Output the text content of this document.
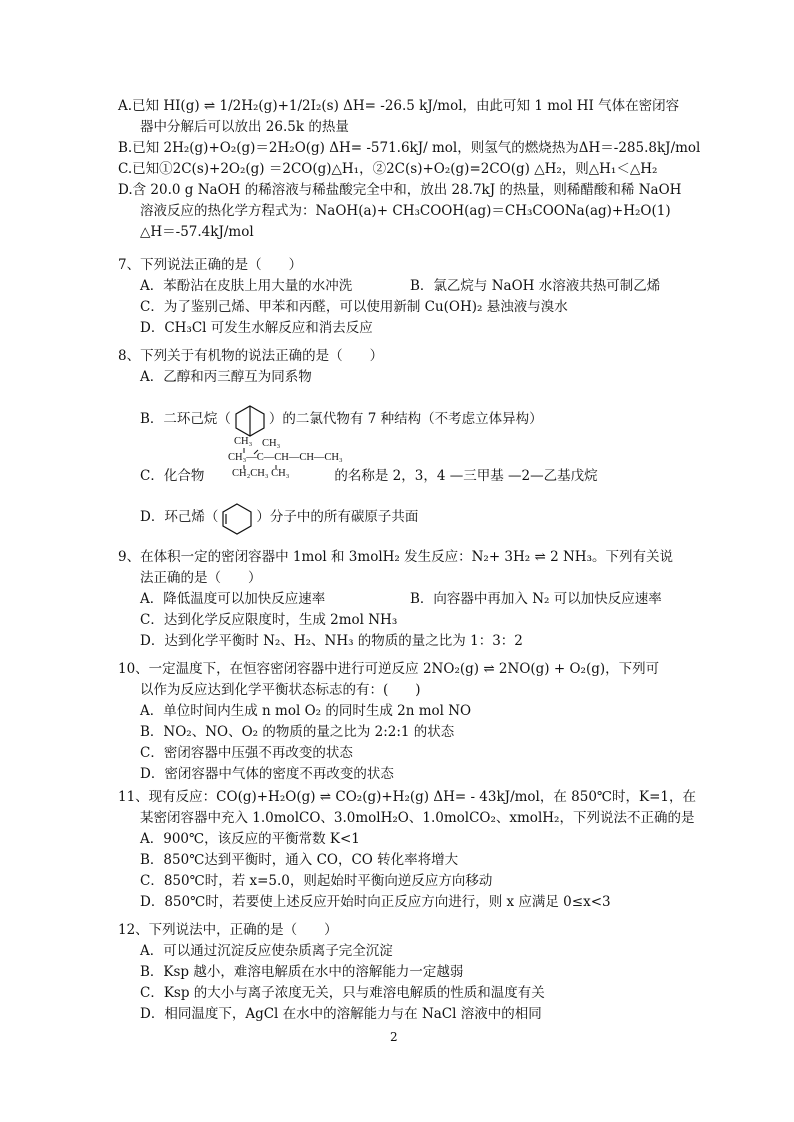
A.已知 HI(g) ⇌ 1/2H₂(g)+1/2I₂(s) ΔH= -26.5 kJ/mol，由此可知 1 mol HI 气体在密闭容
器中分解后可以放出 26.5k 的热量
B.已知 2H₂(g)+O₂(g)＝2H₂O(g) ΔH= -571.6kJ/ mol，则氢气的燃烧热为ΔH＝-285.8kJ/mol
C.已知①2C(s)+2O₂(g) ＝2CO(g)△H₁，②2C(s)+O₂(g)=2CO(g) △H₂，则△H₁＜△H₂
D.含 20.0 g NaOH 的稀溶液与稀盐酸完全中和，放出 28.7kJ 的热量，则稀醋酸和稀 NaOH
溶液反应的热化学方程式为：NaOH(a)+ CH₃COOH(ag)＝CH₃COONa(ag)+H₂O(1)
△H＝-57.4kJ/mol
7、下列说法正确的是（　　）
A．苯酚沾在皮肤上用大量的水冲洗	B．氯乙烷与 NaOH 水溶液共热可制乙烯
C．为了鉴别己烯、甲苯和丙醛，可以使用新制 Cu(OH)₂ 悬浊液与溴水
D．CH₃Cl 可发生水解反应和消去反应
8、下列关于有机物的说法正确的是（　　）
A．乙醇和丙三醇互为同系物
B．二环己烷（	）的二氯代物有 7 种结构（不考虑立体异构）
CH₃ CH₃
CH₃—C—CH—CH—CH₃
CH₂CH₃ CH₃
C．化合物	的名称是 2，3，4 —三甲基 —2—乙基戊烷
D．环己烯（	）分子中的所有碳原子共面
9、在体积一定的密闭容器中 1mol 和 3molH₂ 发生反应：N₂+ 3H₂ ⇌ 2 NH₃。下列有关说
法正确的是（　　）
A．降低温度可以加快反应速率	B．向容器中再加入 N₂ 可以加快反应速率
C．达到化学反应限度时，生成 2mol NH₃
D．达到化学平衡时 N₂、H₂、NH₃ 的物质的量之比为 1：3：2
10、一定温度下，在恒容密闭容器中进行可逆反应 2NO₂(g) ⇌ 2NO(g) + O₂(g)，下列可
以作为反应达到化学平衡状态标志的有：(　　)
A．单位时间内生成 n mol O₂ 的同时生成 2n mol NO
B．NO₂、NO、O₂ 的物质的量之比为 2:2:1 的状态
C．密闭容器中压强不再改变的状态
D．密闭容器中气体的密度不再改变的状态
11、现有反应：CO(g)+H₂O(g) ⇌ CO₂(g)+H₂(g) ΔH= - 43kJ/mol，在 850℃时，K=1，在
某密闭容器中充入 1.0molCO、3.0molH₂O、1.0molCO₂、xmolH₂，下列说法不正确的是
A．900℃，该反应的平衡常数 K<1
B．850℃达到平衡时，通入 CO，CO 转化率将增大
C．850℃时，若 x=5.0，则起始时平衡向逆反应方向移动
D．850℃时，若要使上述反应开始时向正反应方向进行，则 x 应满足 0≤x<3
12、下列说法中，正确的是（　　）
A．可以通过沉淀反应使杂质离子完全沉淀
B．Ksp 越小，难溶电解质在水中的溶解能力一定越弱
C．Ksp 的大小与离子浓度无关，只与难溶电解质的性质和温度有关
D．相同温度下，AgCl 在水中的溶解能力与在 NaCl 溶液中的相同
2
